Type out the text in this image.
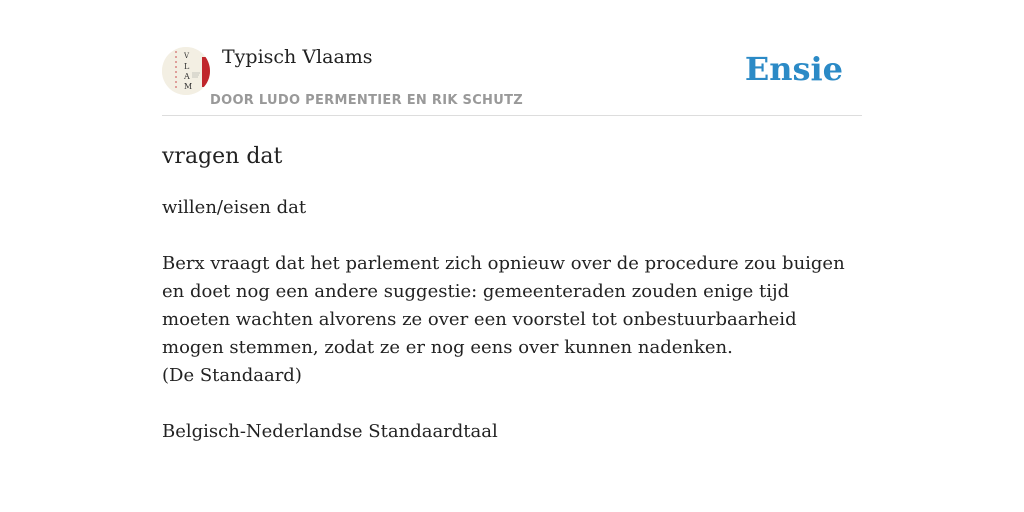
V
L
A
M
Typisch Vlaams
DOOR LUDO PERMENTIER EN RIK SCHUTZ
Ensie
vragen dat

willen/eisen dat

Berx vraagt dat het parlement zich opnieuw over de procedure zou buigen en doet nog een andere suggestie: gemeenteraden zouden enige tijd moeten wachten alvorens ze over een voorstel tot onbestuurbaarheid mogen stemmen, zodat ze er nog eens over kunnen nadenken.
(De Standaard)

Belgisch-Nederlandse Standaardtaal
